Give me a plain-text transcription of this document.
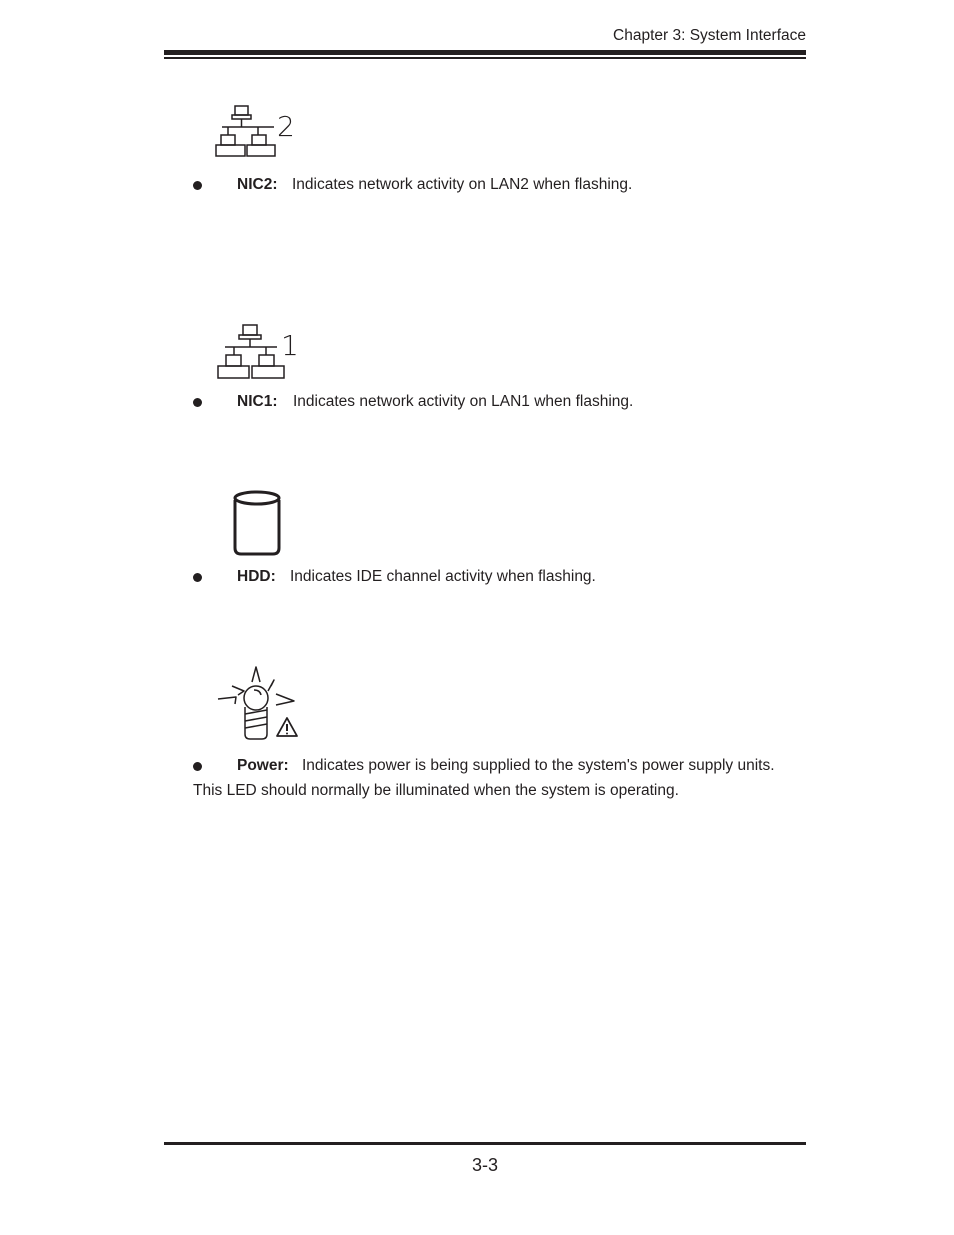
Chapter 3: System Interface
2
NIC2: Indicates network activity on LAN2 when flashing.
1
NIC1: Indicates network activity on LAN1 when flashing.
HDD: Indicates IDE channel activity when flashing.
Power: Indicates power is being supplied to the system's power supply units.
This LED should normally be illuminated when the system is operating.
3-3
